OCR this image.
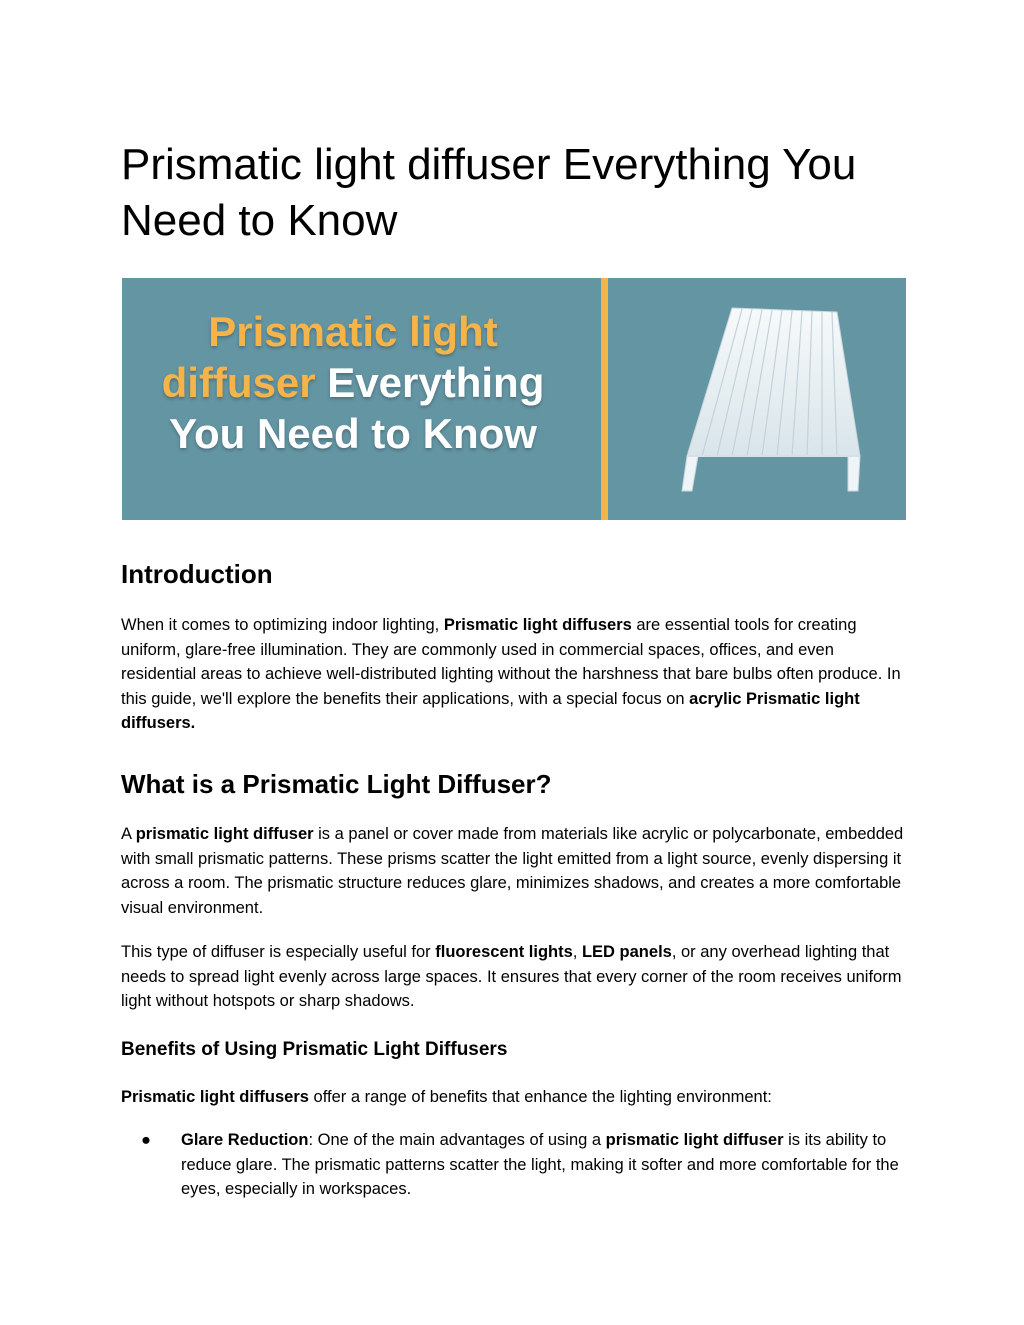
Prismatic light diffuser Everything You Need to Know
Prismatic light
diffuser Everything
You Need to Know
Introduction

When it comes to optimizing indoor lighting, Prismatic light diffusers are essential tools for creating uniform, glare-free illumination. They are commonly used in commercial spaces, offices, and even residential areas to achieve well-distributed lighting without the harshness that bare bulbs often produce. In this guide, we'll explore the benefits their applications, with a special focus on acrylic Prismatic light diffusers.

What is a Prismatic Light Diffuser?

A prismatic light diffuser is a panel or cover made from materials like acrylic or polycarbonate, embedded with small prismatic patterns. These prisms scatter the light emitted from a light source, evenly dispersing it across a room. The prismatic structure reduces glare, minimizes shadows, and creates a more comfortable visual environment.

This type of diffuser is especially useful for fluorescent lights, LED panels, or any overhead lighting that needs to spread light evenly across large spaces. It ensures that every corner of the room receives uniform light without hotspots or sharp shadows.

Benefits of Using Prismatic Light Diffusers

Prismatic light diffusers offer a range of benefits that enhance the lighting environment:

● Glare Reduction: One of the main advantages of using a prismatic light diffuser is its ability to reduce glare. The prismatic patterns scatter the light, making it softer and more comfortable for the eyes, especially in workspaces.
